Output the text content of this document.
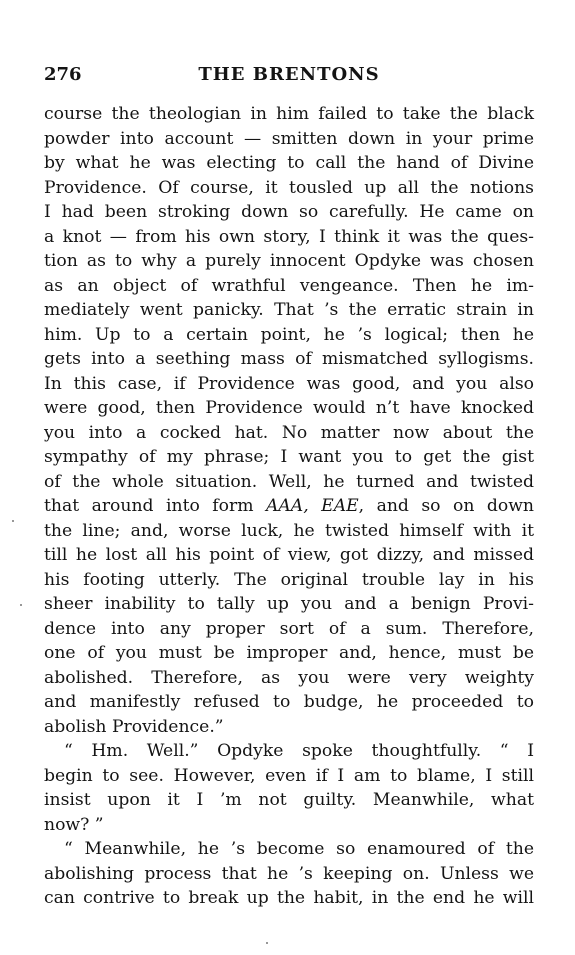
276	THE BRENTONS
course the theologian in him failed to take the black
powder into account — smitten down in your prime
by what he was electing to call the hand of Divine
Providence. Of course, it tousled up all the notions
I had been stroking down so carefully. He came on
a knot — from his own story, I think it was the ques-
tion as to why a purely innocent Opdyke was chosen
as an object of wrathful vengeance. Then he im-
mediately went panicky. That ’s the erratic strain in
him. Up to a certain point, he ’s logical; then he
gets into a seething mass of mismatched syllogisms.
In this case, if Providence was good, and you also
were good, then Providence would n’t have knocked
you into a cocked hat. No matter now about the
sympathy of my phrase; I want you to get the gist
of the whole situation. Well, he turned and twisted
that around into form AAA, EAE, and so on down
the line; and, worse luck, he twisted himself with it
till he lost all his point of view, got dizzy, and missed
his footing utterly. The original trouble lay in his
sheer inability to tally up you and a benign Provi-
dence into any proper sort of a sum. Therefore,
one of you must be improper and, hence, must be
abolished. Therefore, as you were very weighty
and manifestly refused to budge, he proceeded to
abolish Providence.”
“ Hm. Well.” Opdyke spoke thoughtfully. “ I
begin to see. However, even if I am to blame, I still
insist upon it I ’m not guilty. Meanwhile, what
now? ”
“ Meanwhile, he ’s become so enamoured of the
abolishing process that he ’s keeping on. Unless we
can contrive to break up the habit, in the end he will
